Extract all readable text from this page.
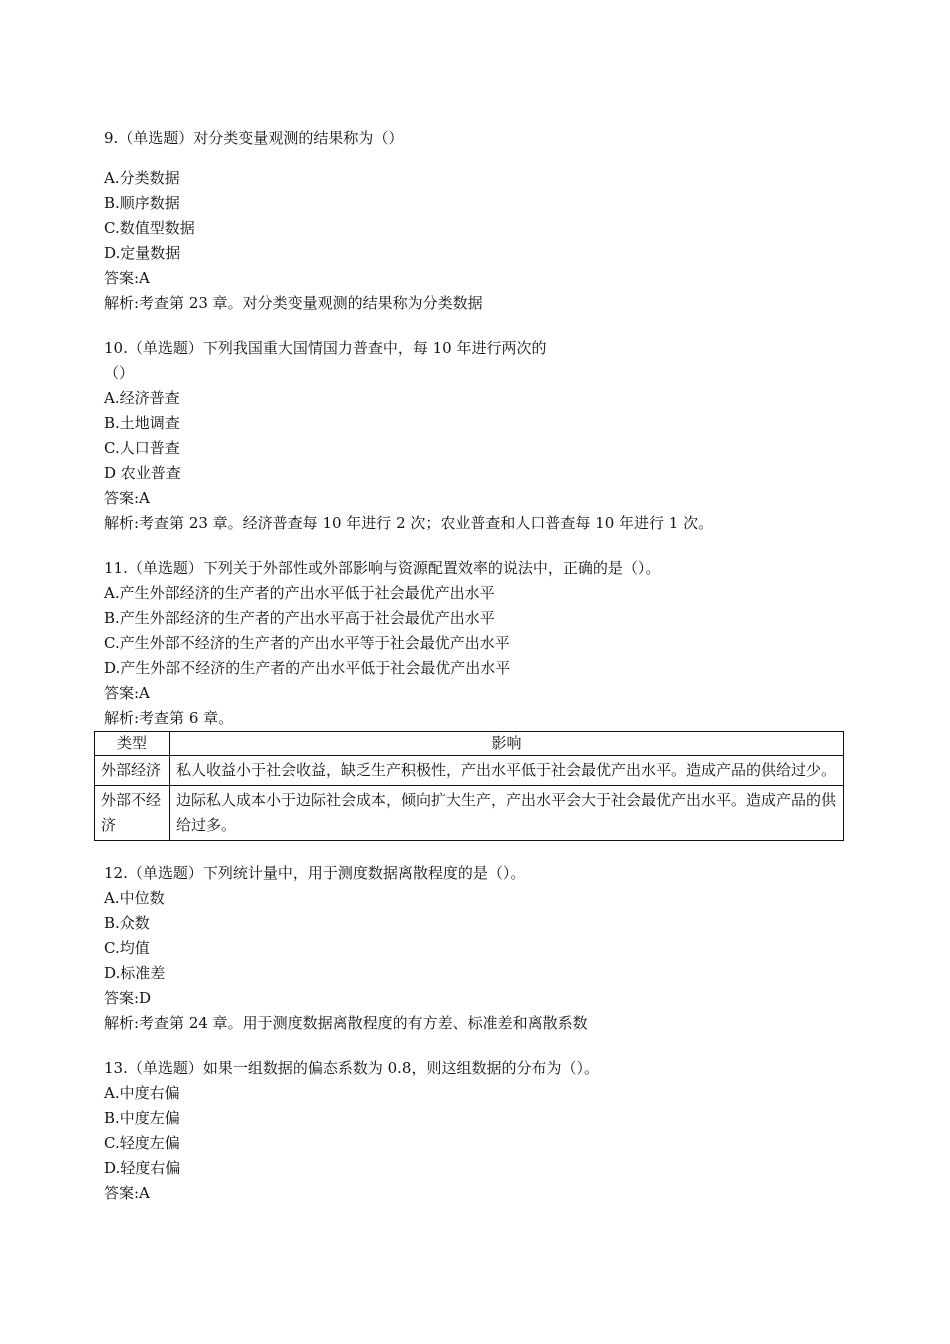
9.（单选题）对分类变量观测的结果称为（）
A.分类数据
B.顺序数据
C.数值型数据
D.定量数据
答案:A
解析:考查第 23 章。对分类变量观测的结果称为分类数据
10.（单选题）下列我国重大国情国力普查中，每 10 年进行两次的
（）
A.经济普查
B.土地调查
C.人口普查
D 农业普查
答案:A
解析:考查第 23 章。经济普查每 10 年进行 2 次；农业普查和人口普查每 10 年进行 1 次。
11.（单选题）下列关于外部性或外部影响与资源配置效率的说法中，正确的是（）。
A.产生外部经济的生产者的产出水平低于社会最优产出水平
B.产生外部经济的生产者的产出水平高于社会最优产出水平
C.产生外部不经济的生产者的产出水平等于社会最优产出水平
D.产生外部不经济的生产者的产出水平低于社会最优产出水平
答案:A
解析:考查第 6 章。
类型	影响
外部经济	私人收益小于社会收益，缺乏生产积极性，产出水平低于社会最优产出水平。造成产品的供给过少。
外部不经济	边际私人成本小于边际社会成本，倾向扩大生产，产出水平会大于社会最优产出水平。造成产品的供给过多。
12.（单选题）下列统计量中，用于测度数据离散程度的是（）。
A.中位数
B.众数
C.均值
D.标准差
答案:D
解析:考查第 24 章。用于测度数据离散程度的有方差、标准差和离散系数
13.（单选题）如果一组数据的偏态系数为 0.8，则这组数据的分布为（）。
A.中度右偏
B.中度左偏
C.轻度左偏
D.轻度右偏
答案:A
